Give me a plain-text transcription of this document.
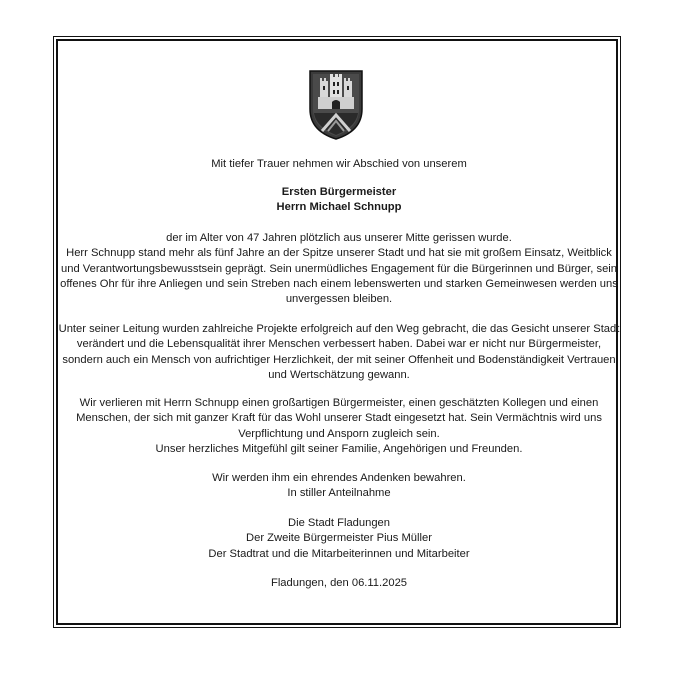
Mit tiefer Trauer nehmen wir Abschied von unserem

Ersten Bürgermeister
Herrn Michael Schnupp

der im Alter von 47 Jahren plötzlich aus unserer Mitte gerissen wurde.
Herr Schnupp stand mehr als fünf Jahre an der Spitze unserer Stadt und hat sie mit großem Einsatz, Weitblick
und Verantwortungsbewusstsein geprägt. Sein unermüdliches Engagement für die Bürgerinnen und Bürger, sein
offenes Ohr für ihre Anliegen und sein Streben nach einem lebenswerten und starken Gemeinwesen werden uns
unvergessen bleiben.

Unter seiner Leitung wurden zahlreiche Projekte erfolgreich auf den Weg gebracht, die das Gesicht unserer Stadt
verändert und die Lebensqualität ihrer Menschen verbessert haben. Dabei war er nicht nur Bürgermeister,
sondern auch ein Mensch von aufrichtiger Herzlichkeit, der mit seiner Offenheit und Bodenständigkeit Vertrauen
und Wertschätzung gewann.

Wir verlieren mit Herrn Schnupp einen großartigen Bürgermeister, einen geschätzten Kollegen und einen
Menschen, der sich mit ganzer Kraft für das Wohl unserer Stadt eingesetzt hat. Sein Vermächtnis wird uns
Verpflichtung und Ansporn zugleich sein.
Unser herzliches Mitgefühl gilt seiner Familie, Angehörigen und Freunden.

Wir werden ihm ein ehrendes Andenken bewahren.
In stiller Anteilnahme

Die Stadt Fladungen
Der Zweite Bürgermeister Pius Müller
Der Stadtrat und die Mitarbeiterinnen und Mitarbeiter

Fladungen, den 06.11.2025
